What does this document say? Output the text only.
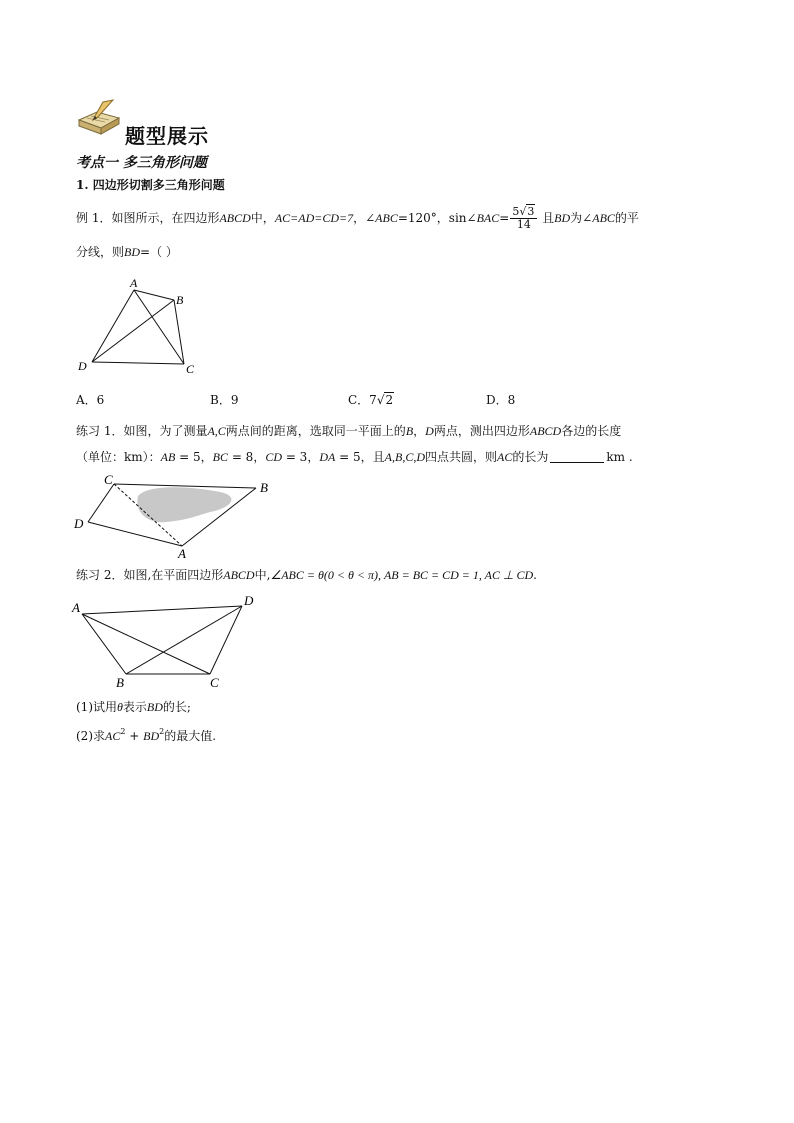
题型展示
考点一 多三角形问题
1. 四边形切割多三角形问题
例 1．如图所示，在四边形ABCD中，AC=AD=CD=7，∠ABC=120°，sin∠BAC= $\frac{5√3}{14}$ 且BD为∠ABC的平
分线，则BD=（ ）
A
B
D	C
A．6	B．9	C．7√2	D．8
练习 1．如图，为了测量A,C两点间的距离，选取同一平面上的B，D两点，测出四边形ABCD各边的长度
（单位：km）：AB = 5，BC = 8，CD = 3，DA = 5，且A,B,C,D四点共圆，则AC的长为	km .
C
B
D
A
练习 2．如图,在平面四边形ABCD中,∠ABC = θ(0 < θ < π), AB = BC = CD = 1, AC ⊥ CD.
A	D
B	C
(1)试用θ表示BD的长;
(2)求$AC^2 + BD^2$的最大值.
